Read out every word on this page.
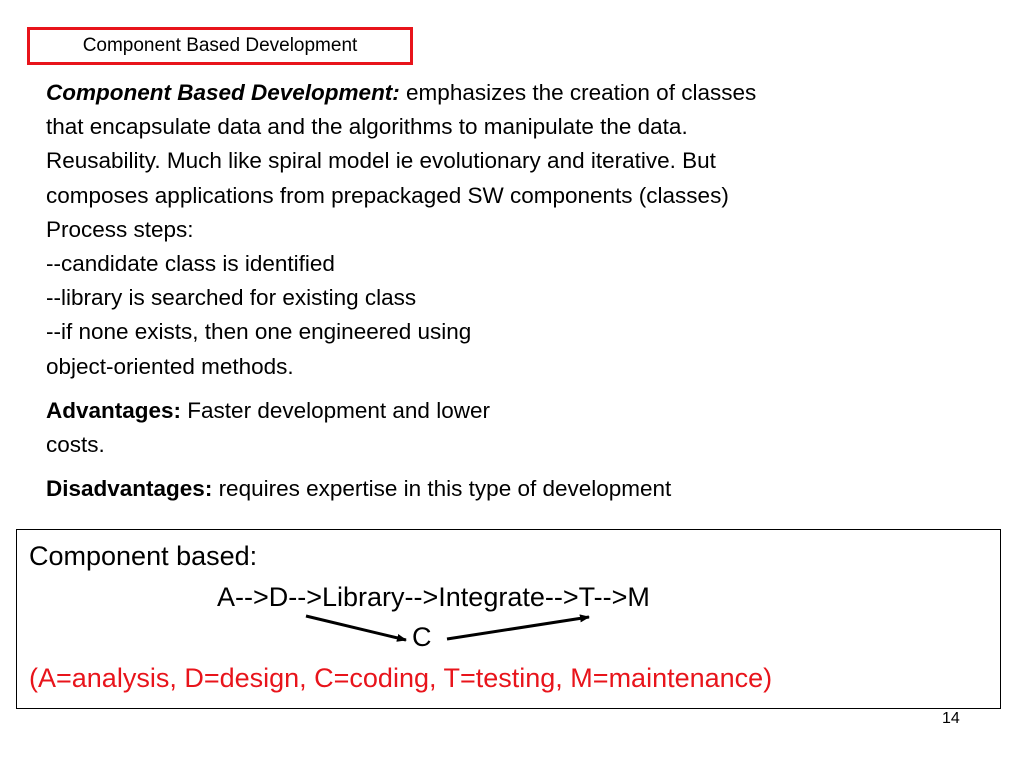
Component Based Development
Component Based Development: emphasizes the creation of classes
that encapsulate data and the algorithms to manipulate the data.
Reusability. Much like spiral model ie evolutionary and iterative. But
composes applications from prepackaged SW components (classes)
Process steps:
--candidate class is identified
--library is searched for existing class
--if none exists, then one engineered using
object-oriented methods.
Advantages: Faster development and lower
costs.
Disadvantages: requires expertise in this type of development
Component based:
A-->D-->Library-->Integrate-->T-->M
C
(A=analysis, D=design, C=coding, T=testing, M=maintenance)
14
